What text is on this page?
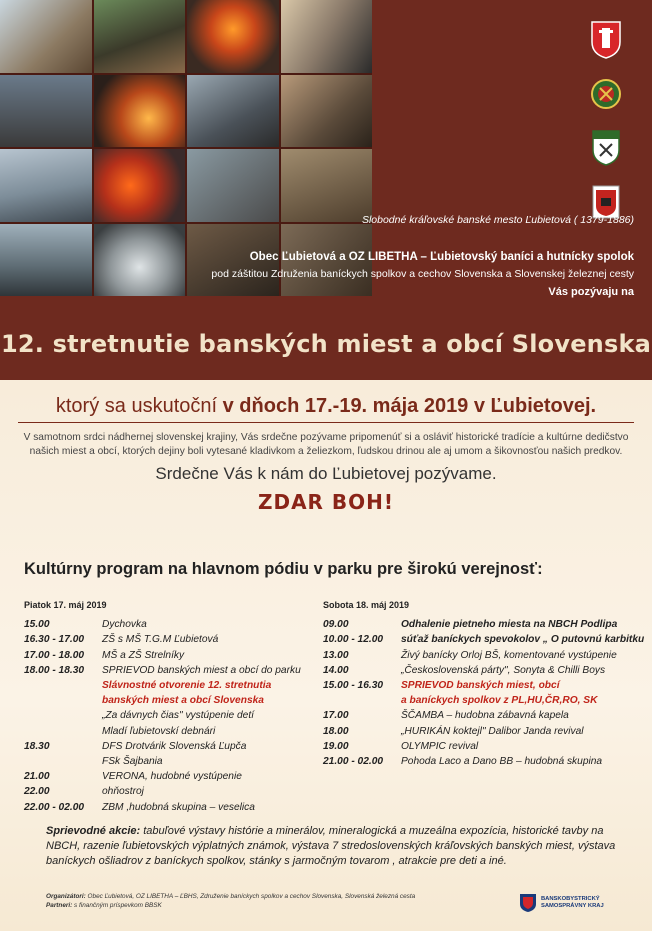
Slobodné kráľovské banské mesto Ľubietová ( 1379-1886)
Obec Ľubietová a OZ LIBETHA – Ľubietovský baníci a hutnícky spolok
pod záštitou Združenia baníckych spolkov a cechov Slovenska a Slovenskej železnej cesty
Vás pozývaju na
12. stretnutie banských miest a obcí Slovenska
ktorý sa uskutoční v dňoch 17.-19. mája 2019 v Ľubietovej.
V samotnom srdci nádhernej slovenskej krajiny, Vás srdečne pozývame pripomenúť si a osláviť historické tradície a kultúrne dedičstvo
našich miest a obcí, ktorých dejiny boli vytesané kladivkom a želiezkom, ľudskou drinou ale aj umom a šikovnosťou našich predkov.
Srdečne Vás k nám do Ľubietovej pozývame.
ZDAR BOH!
Kultúrny program na hlavnom pódiu v parku pre širokú verejnosť:
Piatok 17. máj 2019
15.00	Dychovka
16.30 - 17.00	ZŠ s MŠ T.G.M Ľubietová
17.00 - 18.00	MŠ a ZŠ Strelníky
18.00 - 18.30	SPRIEVOD banských miest a obcí do parku
Slávnostné otvorenie 12. stretnutia
banských miest a obcí Slovenska
„Za dávnych čias" vystúpenie detí
Mladí ľubietovskí debnári
18.30	DFS Drotvárik Slovenská Ľupča
FSk Šajbania
21.00	VERONA, hudobné vystúpenie
22.00	ohňostroj
22.00 - 02.00	ZBM ,hudobná skupina – veselica
Sobota 18. máj 2019
09.00	Odhalenie pietneho miesta na NBCH Podlipa
10.00 - 12.00	súťaž baníckych spevokolov „ O putovnú karbitku
13.00	Živý banícky Orloj BŠ, komentované vystúpenie
14.00	„Československá párty", Sonyta & Chilli Boys
15.00 - 16.30	SPRIEVOD banských miest, obcí
a baníckych spolkov z PL,HU,ČR,RO, SK
17.00	ŠČAMBA – hudobna zábavná kapela
18.00	„HURIKÁN koktejl" Dalibor Janda revival
19.00	OLYMPIC revival
21.00 - 02.00	Pohoda Laco a Dano BB – hudobná skupina
Sprievodné akcie: tabuľové výstavy histórie a minerálov, mineralogická a muzeálna expozícia, historické tavby na NBCH, razenie ľubietovských výplatných známok, výstava 7 stredoslovenských kráľovských banských miest, výstava baníckych ošliadrov z baníckych spolkov, stánky s jarmočným tovarom , atrakcie pre deti a iné.
Organizátori: Obec Ľubietová, OZ LIBETHA – ĽBHS, Združenie baníckych spolkov a cechov Slovenska, Slovenská železná cesta
Partneri: s finančným príspevkom BBSK
BANSKOBYSTRICKÝ
SAMOSPRÁVNY KRAJ
